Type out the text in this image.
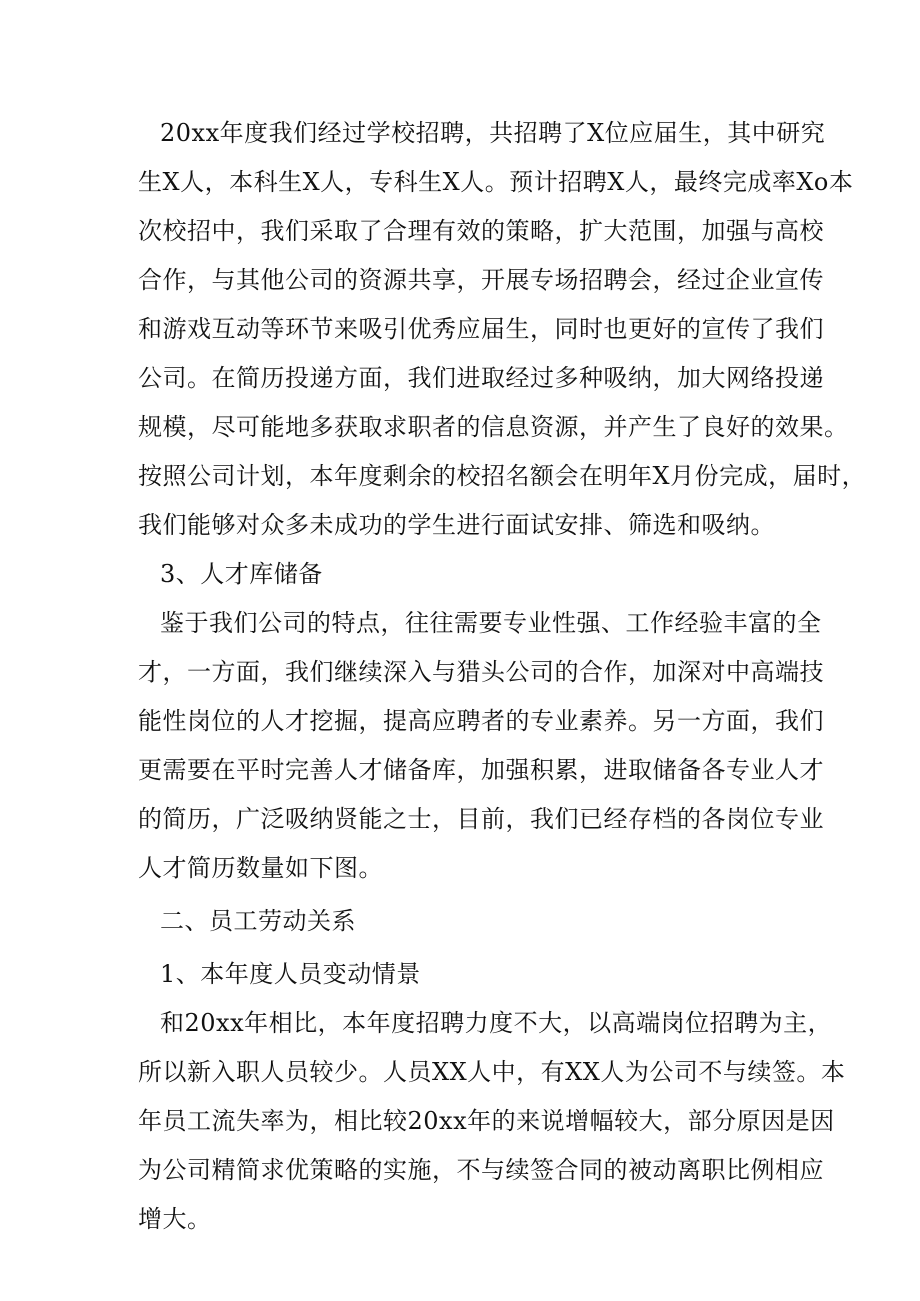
20xx年度我们经过学校招聘，共招聘了X位应届生，其中研究
生X人，本科生X人，专科生X人。预计招聘X人，最终完成率Xo本
次校招中，我们采取了合理有效的策略，扩大范围，加强与高校
合作，与其他公司的资源共享，开展专场招聘会，经过企业宣传
和游戏互动等环节来吸引优秀应届生，同时也更好的宣传了我们
公司。在简历投递方面，我们进取经过多种吸纳，加大网络投递
规模，尽可能地多获取求职者的信息资源，并产生了良好的效果。
按照公司计划，本年度剩余的校招名额会在明年X月份完成，届时，
我们能够对众多未成功的学生进行面试安排、筛选和吸纳。
3、人才库储备
鉴于我们公司的特点，往往需要专业性强、工作经验丰富的全
才，一方面，我们继续深入与猎头公司的合作，加深对中高端技
能性岗位的人才挖掘，提高应聘者的专业素养。另一方面，我们
更需要在平时完善人才储备库，加强积累，进取储备各专业人才
的简历，广泛吸纳贤能之士，目前，我们已经存档的各岗位专业
人才简历数量如下图。
二、员工劳动关系
1、本年度人员变动情景
和20xx年相比，本年度招聘力度不大，以高端岗位招聘为主，
所以新入职人员较少。人员XX人中，有XX人为公司不与续签。本
年员工流失率为，相比较20xx年的来说增幅较大，部分原因是因
为公司精简求优策略的实施，不与续签合同的被动离职比例相应
增大。
